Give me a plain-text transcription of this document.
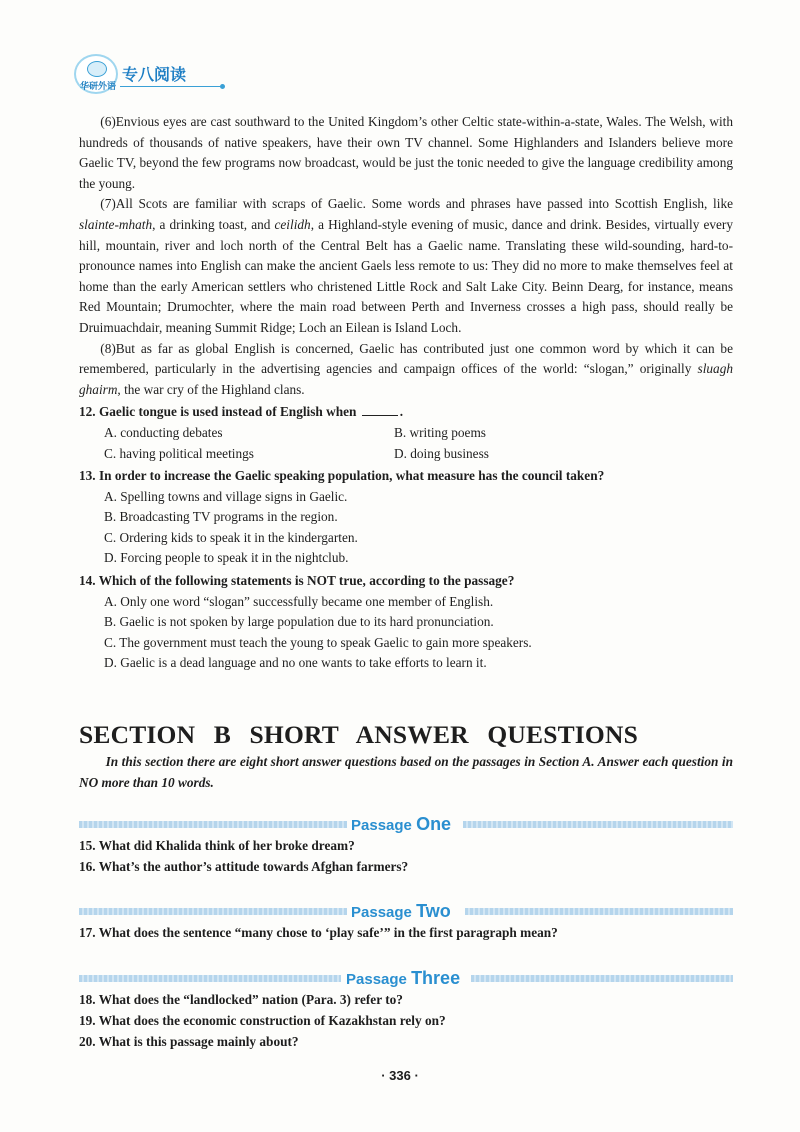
华研外语
专八阅读

(6)Envious eyes are cast southward to the United Kingdom’s other Celtic state-within-a-state, Wales. The Welsh, with hundreds of thousands of native speakers, have their own TV channel. Some Highlanders and Islanders believe more Gaelic TV, beyond the few programs now broadcast, would be just the tonic needed to give the language credibility among the young.

(7)All Scots are familiar with scraps of Gaelic. Some words and phrases have passed into Scottish English, like slainte-mhath, a drinking toast, and ceilidh, a Highland-style evening of music, dance and drink. Besides, virtually every hill, mountain, river and loch north of the Central Belt has a Gaelic name. Translating these wild-sounding, hard-to-pronounce names into English can make the ancient Gaels less remote to us: They did no more to make themselves feel at home than the early American settlers who christened Little Rock and Salt Lake City. Beinn Dearg, for instance, means Red Mountain; Drumochter, where the main road between Perth and Inverness crosses a high pass, should really be Druimuachdair, meaning Summit Ridge; Loch an Eilean is Island Loch.

(8)But as far as global English is concerned, Gaelic has contributed just one common word by which it can be remembered, particularly in the advertising agencies and campaign offices of the world: “slogan,” originally sluagh ghairm, the war cry of the Highland clans.

12. Gaelic tongue is used instead of English when	.
A. conducting debates	B. writing poems
C. having political meetings	D. doing business
13. In order to increase the Gaelic speaking population, what measure has the council taken?
A. Spelling towns and village signs in Gaelic.
B. Broadcasting TV programs in the region.
C. Ordering kids to speak it in the kindergarten.
D. Forcing people to speak it in the nightclub.
14. Which of the following statements is NOT true, according to the passage?
A. Only one word “slogan” successfully became one member of English.
B. Gaelic is not spoken by large population due to its hard pronunciation.
C. The government must teach the young to speak Gaelic to gain more speakers.
D. Gaelic is a dead language and no one wants to take efforts to learn it.
SECTION B SHORT ANSWER QUESTIONS
In this section there are eight short answer questions based on the passages in Section A. Answer each question in NO more than 10 words.
Passage One
15. What did Khalida think of her broke dream?
16. What’s the author’s attitude towards Afghan farmers?
Passage Two
17. What does the sentence “many chose to ‘play safe’” in the first paragraph mean?
Passage Three
18. What does the “landlocked” nation (Para. 3) refer to?
19. What does the economic construction of Kazakhstan rely on?
20. What is this passage mainly about?
· 336 ·
